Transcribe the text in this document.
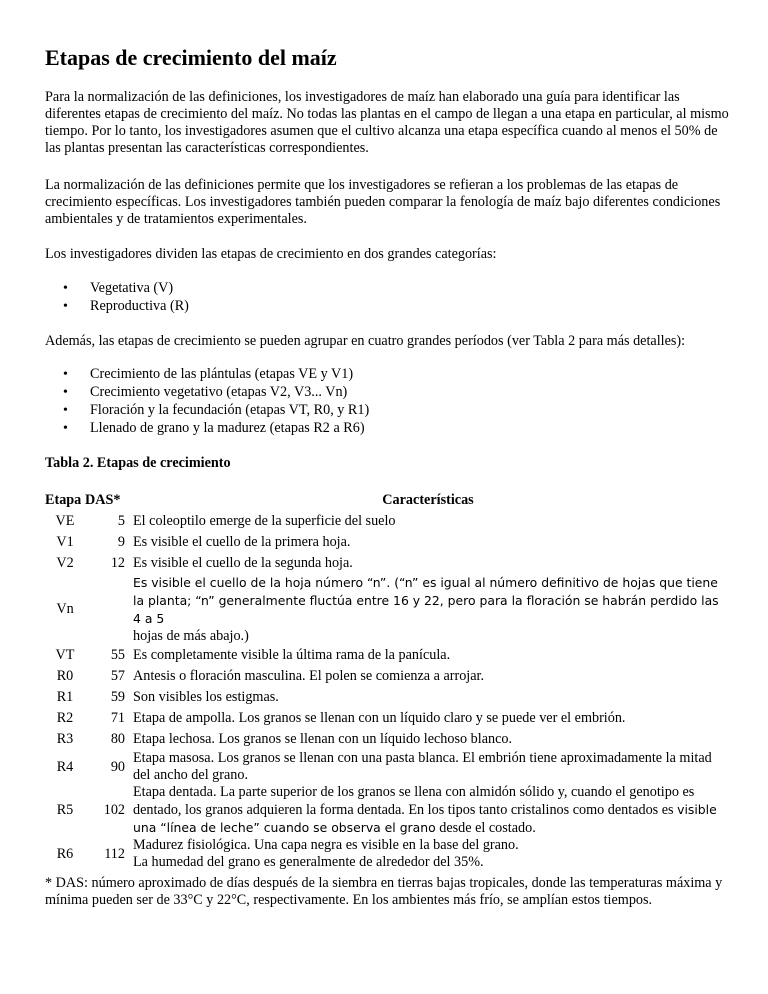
Etapas de crecimiento del maíz

Para la normalización de las definiciones, los investigadores de maíz han elaborado una guía para identificar las diferentes etapas de crecimiento del maíz. No todas las plantas en el campo de llegan a una etapa en particular, al mismo tiempo. Por lo tanto, los investigadores asumen que el cultivo alcanza una etapa específica cuando al menos el 50% de las plantas presentan las características correspondientes.

La normalización de las definiciones permite que los investigadores se refieran a los problemas de las etapas de crecimiento específicas. Los investigadores también pueden comparar la fenología de maíz bajo diferentes condiciones ambientales y de tratamientos experimentales.

Los investigadores dividen las etapas de crecimiento en dos grandes categorías:

• Vegetativa (V)
• Reproductiva (R)

Además, las etapas de crecimiento se pueden agrupar en cuatro grandes períodos (ver Tabla 2 para más detalles):

• Crecimiento de las plántulas (etapas VE y V1)
• Crecimiento vegetativo (etapas V2, V3... Vn)
• Floración y la fecundación (etapas VT, R0, y R1)
• Llenado de grano y la madurez (etapas R2 a R6)

Tabla 2. Etapas de crecimiento

Etapa	DAS*	Características
VE	5	El coleoptilo emerge de la superficie del suelo
V1	9	Es visible el cuello de la primera hoja.
V2	12	Es visible el cuello de la segunda hoja.
Vn		Es visible el cuello de la hoja número “n”. (“n” es igual al número definitivo de hojas que tiene la planta; “n” generalmente fluctúa entre 16 y 22, pero para la floración se habrán perdido las 4 a 5
hojas de más abajo.)
VT	55	Es completamente visible la última rama de la panícula.
R0	57	Antesis o floración masculina. El polen se comienza a arrojar.
R1	59	Son visibles los estigmas.
R2	71	Etapa de ampolla. Los granos se llenan con un líquido claro y se puede ver el embrión.
R3	80	Etapa lechosa. Los granos se llenan con un líquido lechoso blanco.
R4	90	Etapa masosa. Los granos se llenan con una pasta blanca. El embrión tiene aproximadamente la mitad del ancho del grano.
R5	102	Etapa dentada. La parte superior de los granos se llena con almidón sólido y, cuando el genotipo es dentado, los granos adquieren la forma dentada. En los tipos tanto cristalinos como dentados es visible una “línea de leche” cuando se observa el grano desde el costado.
R6	112	Madurez fisiológica. Una capa negra es visible en la base del grano.
La humedad del grano es generalmente de alrededor del 35%.

* DAS: número aproximado de días después de la siembra en tierras bajas tropicales, donde las temperaturas máxima y mínima pueden ser de 33°C y 22°C, respectivamente. En los ambientes más frío, se amplían estos tiempos.
